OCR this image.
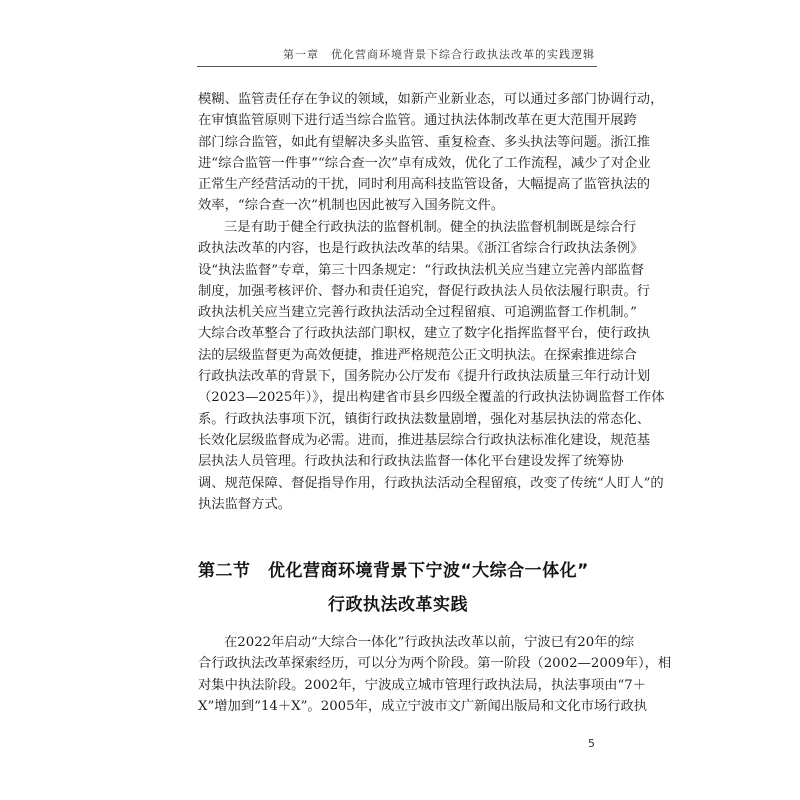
第一章　优化营商环境背景下综合行政执法改革的实践逻辑
模糊、监管责任存在争议的领域，如新产业新业态，可以通过多部门协调行动，
在审慎监管原则下进行适当综合监管。通过执法体制改革在更大范围开展跨
部门综合监管，如此有望解决多头监管、重复检查、多头执法等问题。浙江推
进“综合监管一件事”“综合查一次”卓有成效，优化了工作流程，减少了对企业
正常生产经营活动的干扰，同时利用高科技监管设备，大幅提高了监管执法的
效率，“综合查一次”机制也因此被写入国务院文件。
三是有助于健全行政执法的监督机制。健全的执法监督机制既是综合行
政执法改革的内容，也是行政执法改革的结果。《浙江省综合行政执法条例》
设“执法监督”专章，第三十四条规定：“行政执法机关应当建立完善内部监督
制度，加强考核评价、督办和责任追究，督促行政执法人员依法履行职责。行
政执法机关应当建立完善行政执法活动全过程留痕、可追溯监督工作机制。”
大综合改革整合了行政执法部门职权，建立了数字化指挥监督平台，使行政执
法的层级监督更为高效便捷，推进严格规范公正文明执法。在探索推进综合
行政执法改革的背景下，国务院办公厅发布《提升行政执法质量三年行动计划
（2023—2025年）》，提出构建省市县乡四级全覆盖的行政执法协调监督工作体
系。行政执法事项下沉，镇街行政执法数量剧增，强化对基层执法的常态化、
长效化层级监督成为必需。进而，推进基层综合行政执法标准化建设，规范基
层执法人员管理。行政执法和行政执法监督一体化平台建设发挥了统筹协
调、规范保障、督促指导作用，行政执法活动全程留痕，改变了传统“人盯人”的
执法监督方式。
第二节　优化营商环境背景下宁波“大综合一体化”
行政执法改革实践
在2022年启动“大综合一体化”行政执法改革以前，宁波已有20年的综
合行政执法改革探索经历，可以分为两个阶段。第一阶段（2002—2009年），相
对集中执法阶段。2002年，宁波成立城市管理行政执法局，执法事项由“7＋
X”增加到“14＋X”。2005年，成立宁波市文广新闻出版局和文化市场行政执
5
